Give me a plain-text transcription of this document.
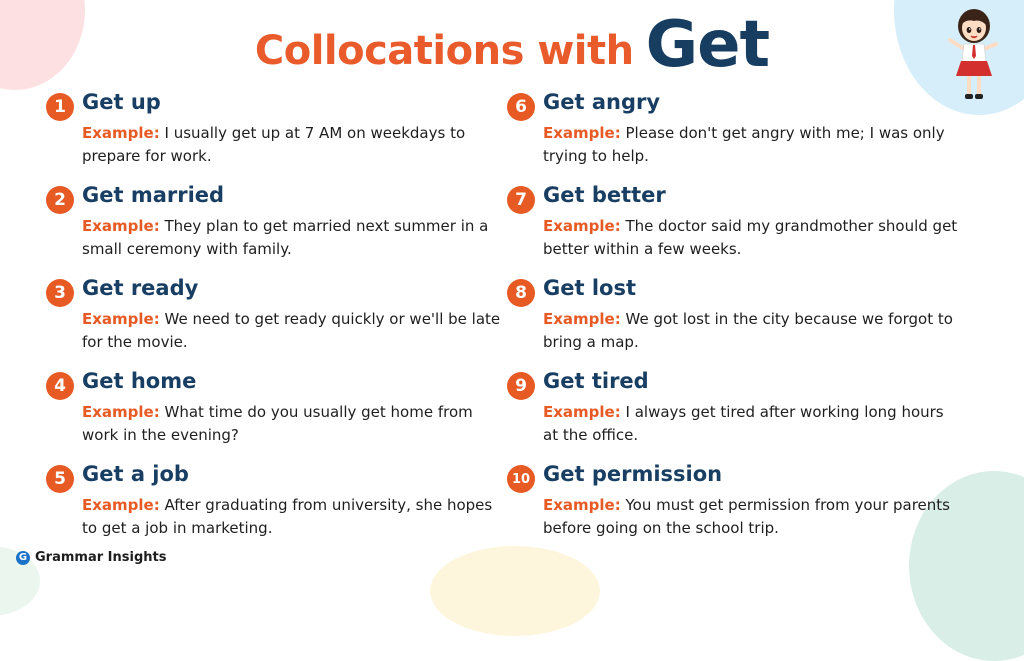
Collocations with Get
1 Get up
Example: I usually get up at 7 AM on weekdays to prepare for work.
2 Get married
Example: They plan to get married next summer in a small ceremony with family.
3 Get ready
Example: We need to get ready quickly or we'll be late for the movie.
4 Get home
Example: What time do you usually get home from work in the evening?
5 Get a job
Example: After graduating from university, she hopes to get a job in marketing.
6 Get angry
Example: Please don't get angry with me; I was only trying to help.
7 Get better
Example: The doctor said my grandmother should get better within a few weeks.
8 Get lost
Example: We got lost in the city because we forgot to bring a map.
9 Get tired
Example: I always get tired after working long hours at the office.
10 Get permission
Example: You must get permission from your parents before going on the school trip.
G Grammar Insights
